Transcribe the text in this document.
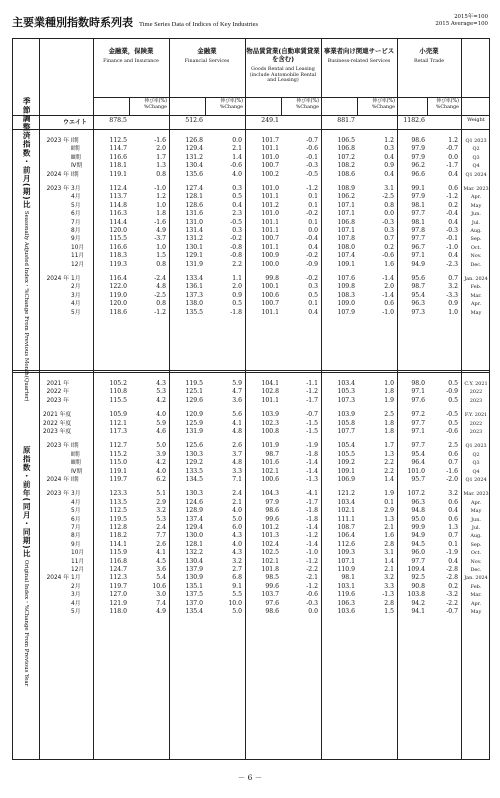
主要業種別指数時系列表 Time Series Data of Indices of Key Industries
2015年=100
2015 Average=100
金融業，保険業
Finance and Insurance
伸び率(%)
%Change
金融業
Financial Services
伸び率(%)
%Change
物品賃貸業(自動車賃貸業を含む)
Goods Rental and Leasing (include Automobile Rental and Leasing)
伸び率(%)
%Change
事業者向け関連サービス
Business-related Services
伸び率(%)
%Change
小売業
Retail Trade
伸び率(%)
%Change
ウエイト	878.5	512.6	249.1	881.7	1182.6	Weight
2023 年 Ⅰ期	112.5	-1.6	126.8	0.0	101.7	-0.7	106.5	1.2	98.6	1.2	Q1 2023
Ⅱ期	114.7	2.0	129.4	2.1	101.1	-0.6	106.8	0.3	97.9	-0.7	Q2
Ⅲ期	116.6	1.7	131.2	1.4	101.0	-0.1	107.2	0.4	97.9	0.0	Q3
Ⅳ期	118.1	1.3	130.4	-0.6	100.7	-0.3	108.2	0.9	96.2	-1.7	Q4
2024 年 Ⅰ期	119.1	0.8	135.6	4.0	100.2	-0.5	108.6	0.4	96.6	0.4	Q1 2024
2023 年 3月	112.4	-1.0	127.4	0.3	101.0	-1.2	108.9	3.1	99.1	0.6	Mar. 2023
4月	113.7	1.2	128.1	0.5	101.1	0.1	106.2	-2.5	97.9	-1.2	Apr.
5月	114.8	1.0	128.6	0.4	101.2	0.1	107.1	0.8	98.1	0.2	May
6月	116.3	1.8	131.6	2.3	101.0	-0.2	107.1	0.0	97.7	-0.4	Jun.
7月	114.4	-1.6	131.0	-0.5	101.1	0.1	106.8	-0.3	98.1	0.4	Jul.
8月	120.0	4.9	131.4	0.3	101.1	0.0	107.1	0.3	97.8	-0.3	Aug.
9月	115.5	-3.7	131.2	-0.2	100.7	-0.4	107.8	0.7	97.7	-0.1	Sep.
10月	116.6	1.0	130.1	-0.8	101.1	0.4	108.0	0.2	96.7	-1.0	Oct.
11月	118.3	1.5	129.1	-0.8	100.9	-0.2	107.4	-0.6	97.1	0.4	Nov.
12月	119.3	0.8	131.9	2.2	100.0	-0.9	109.1	1.6	94.9	-2.3	Dec.
2024 年 1月	116.4	-2.4	133.4	1.1	99.8	-0.2	107.6	-1.4	95.6	0.7	Jan. 2024
2月	122.0	4.8	136.1	2.0	100.1	0.3	109.8	2.0	98.7	3.2	Feb.
3月	119.0	-2.5	137.3	0.9	100.6	0.5	108.3	-1.4	95.4	-3.3	Mar.
4月	120.0	0.8	138.0	0.5	100.7	0.1	109.0	0.6	96.3	0.9	Apr.
5月	118.6	-1.2	135.5	-1.8	101.1	0.4	107.9	-1.0	97.3	1.0	May
2021 年	105.2	4.3	119.5	5.9	104.1	-1.1	103.4	1.0	98.0	0.5	C.Y. 2021
2022 年	110.8	5.3	125.1	4.7	102.8	-1.2	105.3	1.8	97.1	-0.9	2022
2023 年	115.5	4.2	129.6	3.6	101.1	-1.7	107.3	1.9	97.6	0.5	2023
2021 年度	105.9	4.0	120.9	5.6	103.9	-0.7	103.9	2.5	97.2	-0.5	F.Y. 2021
2022 年度	112.1	5.9	125.9	4.1	102.3	-1.5	105.8	1.8	97.7	0.5	2022
2023 年度	117.3	4.6	131.9	4.8	100.8	-1.5	107.7	1.8	97.1	-0.6	2023
2023 年 Ⅰ期	112.7	5.0	125.6	2.6	101.9	-1.9	105.4	1.7	97.7	2.5	Q1 2023
Ⅱ期	115.2	3.9	130.3	3.7	98.7	-1.8	105.5	1.3	95.4	0.6	Q2
Ⅲ期	115.0	4.2	129.2	4.8	101.6	-1.4	109.2	2.2	96.4	0.7	Q3
Ⅳ期	119.1	4.0	133.5	3.3	102.1	-1.4	109.1	2.2	101.0	-1.6	Q4
2024 年 Ⅰ期	119.7	6.2	134.5	7.1	100.6	-1.3	106.9	1.4	95.7	-2.0	Q1 2024
2023 年 3月	123.3	5.1	130.3	2.4	104.3	-4.1	121.2	1.9	107.2	3.2	Mar. 2023
4月	113.5	2.9	124.6	2.1	97.9	-1.7	103.4	0.1	96.3	0.6	Apr.
5月	112.5	3.2	128.9	4.0	98.6	-1.8	102.1	2.9	94.8	0.4	May
6月	119.5	5.3	137.4	5.0	99.6	-1.8	111.1	1.3	95.0	0.6	Jun.
7月	112.8	2.4	129.4	6.0	101.2	-1.4	108.7	2.1	99.9	1.3	Jul.
8月	118.2	7.7	130.0	4.3	101.3	-1.2	106.4	1.6	94.9	0.7	Aug.
9月	114.1	2.6	128.1	4.0	102.4	-1.4	112.6	2.8	94.5	0.1	Sep.
10月	115.9	4.1	132.2	4.3	102.5	-1.0	109.3	3.1	96.0	-1.9	Oct.
11月	116.8	4.5	130.4	3.2	102.1	-1.2	107.1	1.4	97.7	0.4	Nov.
12月	124.7	3.6	137.9	2.7	101.8	-2.2	110.9	2.1	109.4	-2.8	Dec.
2024 年 1月	112.3	5.4	130.9	6.8	98.5	-2.1	98.1	3.2	92.5	-2.8	Jan. 2024
2月	119.7	10.6	135.1	9.1	99.6	-1.2	103.1	3.3	90.8	0.2	Feb.
3月	127.0	3.0	137.5	5.5	103.7	-0.6	119.6	-1.3	103.8	-3.2	Mar.
4月	121.9	7.4	137.0	10.0	97.6	-0.3	106.3	2.8	94.2	-2.2	Apr.
5月	118.0	4.9	135.4	5.0	98.6	0.0	103.6	1.5	94.1	-0.7	May
季節調整済指数・前月(期)比 Seasonally Adjusted Index・%Change From Previous Month(Quarter)
原指数・前年(同月・同期)比 Original Index・%Change From Previous Year
－ 6 －
